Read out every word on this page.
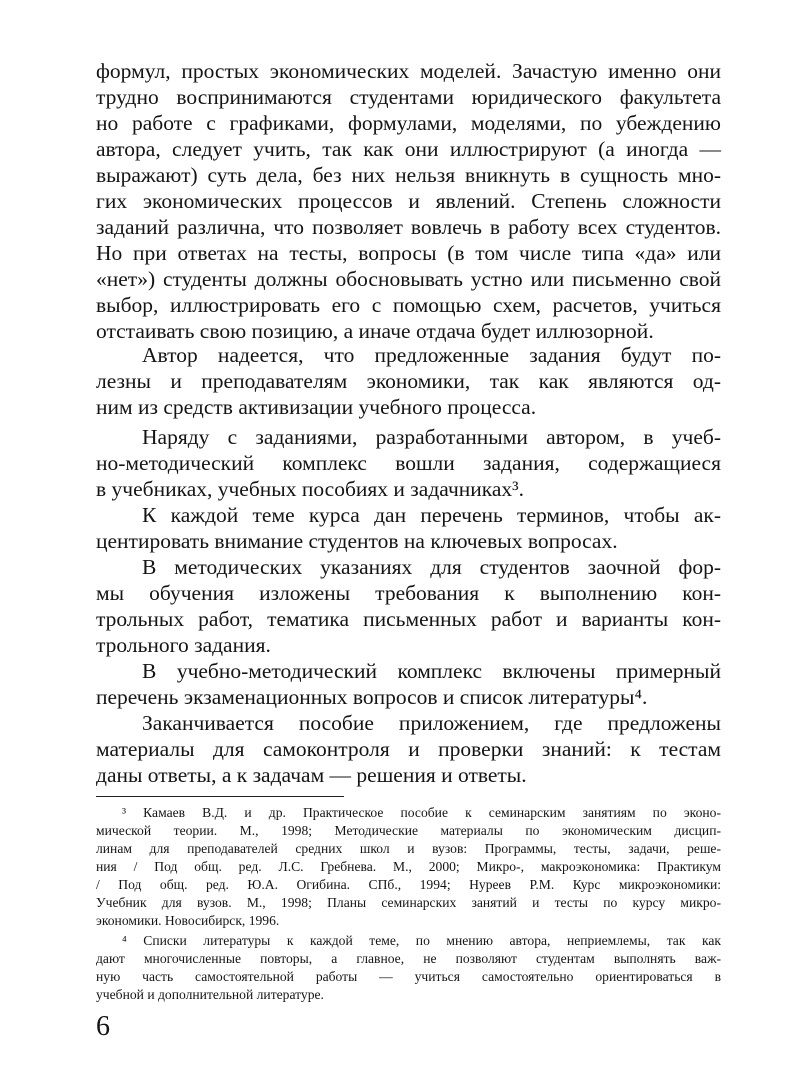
формул, простых экономических моделей. Зачастую именно они
трудно воспринимаются студентами юридического факультета
но работе с графиками, формулами, моделями, по убеждению
автора, следует учить, так как они иллюстрируют (а иногда —
выражают) суть дела, без них нельзя вникнуть в сущность мно-
гих экономических процессов и явлений. Степень сложности
заданий различна, что позволяет вовлечь в работу всех студентов.
Но при ответах на тесты, вопросы (в том числе типа «да» или
«нет») студенты должны обосновывать устно или письменно свой
выбор, иллюстрировать его с помощью схем, расчетов, учиться
отстаивать свою позицию, а иначе отдача будет иллюзорной.
Автор надеется, что предложенные задания будут по-
лезны и преподавателям экономики, так как являются од-
ним из средств активизации учебного процесса.
Наряду с заданиями, разработанными автором, в учеб-
но-методический комплекс вошли задания, содержащиеся
в учебниках, учебных пособиях и задачниках³.
К каждой теме курса дан перечень терминов, чтобы ак-
центировать внимание студентов на ключевых вопросах.
В методических указаниях для студентов заочной фор-
мы обучения изложены требования к выполнению кон-
трольных работ, тематика письменных работ и варианты кон-
трольного задания.
В учебно-методический комплекс включены примерный
перечень экзаменационных вопросов и список литературы⁴.
Заканчивается пособие приложением, где предложены
материалы для самоконтроля и проверки знаний: к тестам
даны ответы, а к задачам — решения и ответы.
³ Камаев В.Д. и др. Практическое пособие к семинарским занятиям по эконо-
мической теории. М., 1998; Методические материалы по экономическим дисцип-
линам для преподавателей средних школ и вузов: Программы, тесты, задачи, реше-
ния / Под общ. ред. Л.С. Гребнева. М., 2000; Микро-, макроэкономика: Практикум
/ Под общ. ред. Ю.А. Огибина. СПб., 1994; Нуреев Р.М. Курс микроэкономики:
Учебник для вузов. М., 1998; Планы семинарских занятий и тесты по курсу микро-
экономики. Новосибирск, 1996.
⁴ Списки литературы к каждой теме, по мнению автора, неприемлемы, так как
дают многочисленные повторы, а главное, не позволяют студентам выполнять важ-
ную часть самостоятельной работы — учиться самостоятельно ориентироваться в
учебной и дополнительной литературе.
6
